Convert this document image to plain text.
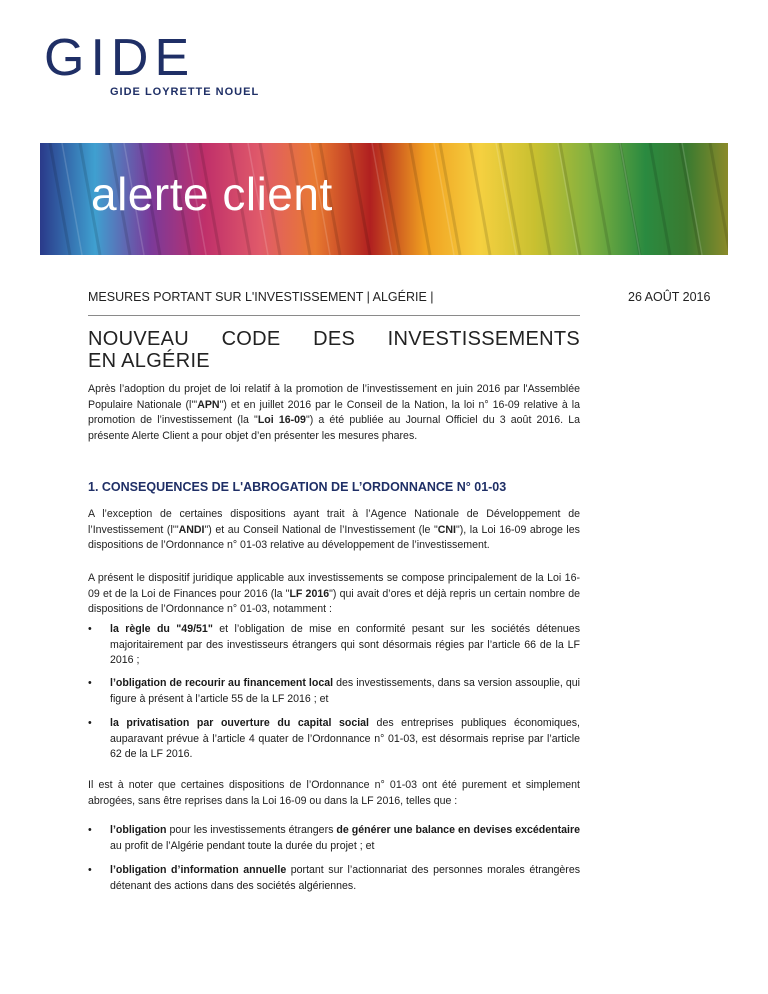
GIDE
GIDE LOYRETTE NOUEL
alerte client
MESURES PORTANT SUR L'INVESTISSEMENT | ALGÉRIE |	26 AOÛT 2016
NOUVEAU CODE DES INVESTISSEMENTS
EN ALGÉRIE
Après l’adoption du projet de loi relatif à la promotion de l’investissement en juin 2016 par l'Assemblée Populaire Nationale (l'"APN") et en juillet 2016 par le Conseil de la Nation, la loi n° 16-09 relative à la promotion de l’investissement (la "Loi 16-09") a été publiée au Journal Officiel du 3 août 2016. La présente Alerte Client a pour objet d’en présenter les mesures phares.
1. CONSEQUENCES DE L'ABROGATION DE L’ORDONNANCE N° 01-03
A l’exception de certaines dispositions ayant trait à l’Agence Nationale de Développement de l’Investissement (l'"ANDI") et au Conseil National de l’Investissement (le "CNI"), la Loi 16-09 abroge les dispositions de l’Ordonnance n° 01-03 relative au développement de l’investissement.
A présent le dispositif juridique applicable aux investissements se compose principalement de la Loi 16-09 et de la Loi de Finances pour 2016 (la "LF 2016") qui avait d’ores et déjà repris un certain nombre de dispositions de l’Ordonnance n° 01-03, notamment :
• la règle du "49/51" et l’obligation de mise en conformité pesant sur les sociétés détenues majoritairement par des investisseurs étrangers qui sont désormais régies par l’article 66 de la LF 2016 ;
• l’obligation de recourir au financement local des investissements, dans sa version assouplie, qui figure à présent à l’article 55 de la LF 2016 ; et
• la privatisation par ouverture du capital social des entreprises publiques économiques, auparavant prévue à l’article 4 quater de l’Ordonnance n° 01-03, est désormais reprise par l’article 62 de la LF 2016.
Il est à noter que certaines dispositions de l’Ordonnance n° 01-03 ont été purement et simplement abrogées, sans être reprises dans la Loi 16-09 ou dans la LF 2016, telles que :
• l’obligation pour les investissements étrangers de générer une balance en devises excédentaire au profit de l’Algérie pendant toute la durée du projet ; et
• l’obligation d’information annuelle portant sur l’actionnariat des personnes morales étrangères détenant des actions dans des sociétés algériennes.
